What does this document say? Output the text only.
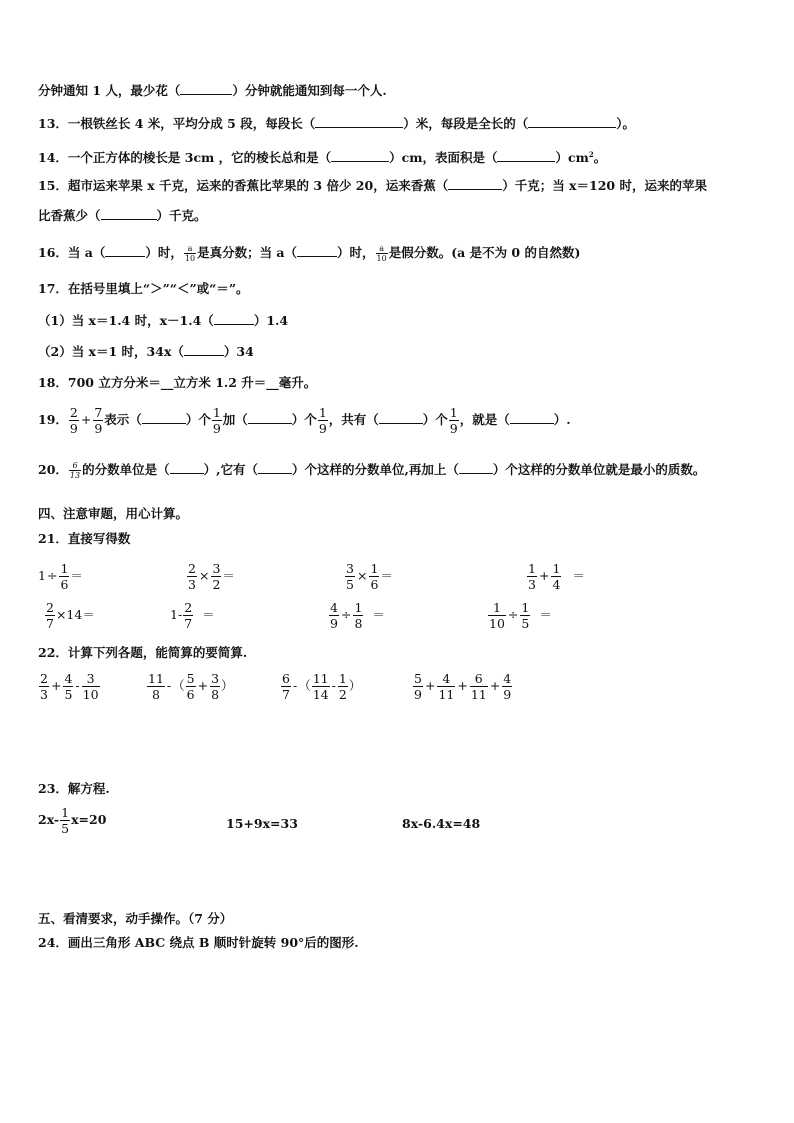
分钟通知 1 人，最少花（	）分钟就能通知到每一个人.
13．一根铁丝长 4 米，平均分成 5 段，每段长（	）米，每段是全长的（	）。
14．一个正方体的棱长是 3cm ，它的棱长总和是（	）cm，表面积是（	）$cm^2$。
15．超市运来苹果 x 千克，运来的香蕉比苹果的 3 倍少 20，运来香蕉（	）千克；当 x＝120 时，运来的苹果
比香蕉少（	）千克。
16．当 a（	）时， $\frac{a}{10}$ 是真分数；当 a（	）时， $\frac{a}{10}$ 是假分数。(a 是不为 0 的自然数)
17．在括号里填上“＞”“＜”或“＝”。
（1）当 x＝1.4 时，x－1.4（	）1.4
（2）当 x＝1 时，34x（	）34
18．700 立方分米＝__立方米 1.2 升＝__毫升。
19． $\frac{2}{9} + \frac{7}{9}$ 表示（	）个 $\frac{1}{9}$ 加（	）个 $\frac{1}{9}$ ，共有（	）个 $\frac{1}{9}$ ，就是（	）.
20． $\frac{6}{13}$ 的分数单位是（	）,它有（	）个这样的分数单位,再加上（	）个这样的分数单位就是最小的质数。
四、注意审题，用心计算。
21．直接写得数
$1\div \frac{1}{6}$ ＝	$\frac{2}{3} \times \frac{3}{2}$ ＝	$\frac{3}{5} \times \frac{1}{6}$ ＝	$\frac{1}{3} + \frac{1}{4}$ ＝
$\frac{2}{7} \times 14=$	$1- \frac{2}{7}$ ＝	$\frac{4}{9} \div \frac{1}{8}$ ＝	$\frac{1}{10} \div \frac{1}{5}$ ＝
22．计算下列各题，能简算的要简算.
$\frac{2}{3} + \frac{4}{5} - \frac{3}{10}$	$\frac{11}{8}$ -（ $\frac{5}{6} + \frac{3}{8}$ ）	$\frac{6}{7}$ -（ $\frac{11}{14} - \frac{1}{2}$ ）	$\frac{5}{9} + \frac{4}{11} + \frac{6}{11} + \frac{4}{9}$
23．解方程.
$2x- \frac{1}{5} x=20$	15+9x=33	8x-6.4x=48
五、看清要求，动手操作。（7 分）
24．画出三角形 ABC 绕点 B 顺时针旋转 90°后的图形.
